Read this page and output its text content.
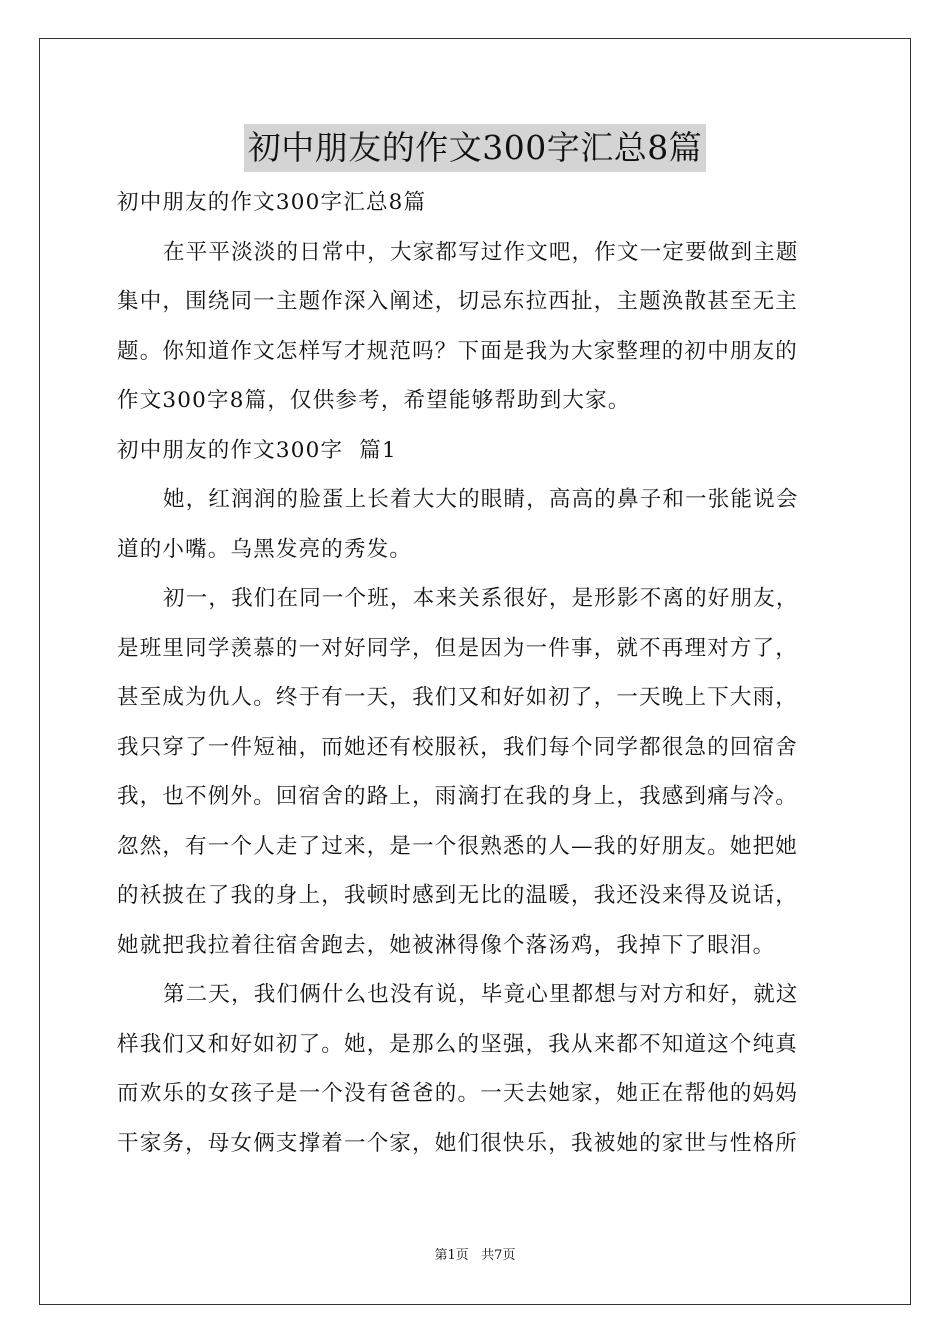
初中朋友的作文300字汇总8篇
初中朋友的作文300字汇总8篇
在平平淡淡的日常中，大家都写过作文吧，作文一定要做到主题
集中，围绕同一主题作深入阐述，切忌东拉西扯，主题涣散甚至无主
题。你知道作文怎样写才规范吗？下面是我为大家整理的初中朋友的
作文300字8篇，仅供参考，希望能够帮助到大家。
初中朋友的作文300字  篇1
她，红润润的脸蛋上长着大大的眼睛，高高的鼻子和一张能说会
道的小嘴。乌黑发亮的秀发。
初一，我们在同一个班，本来关系很好，是形影不离的好朋友，
是班里同学羡慕的一对好同学，但是因为一件事，就不再理对方了，
甚至成为仇人。终于有一天，我们又和好如初了，一天晚上下大雨，
我只穿了一件短袖，而她还有校服袄，我们每个同学都很急的回宿舍
我，也不例外。回宿舍的路上，雨滴打在我的身上，我感到痛与冷。
忽然，有一个人走了过来，是一个很熟悉的人—我的好朋友。她把她
的袄披在了我的身上，我顿时感到无比的温暖，我还没来得及说话，
她就把我拉着往宿舍跑去，她被淋得像个落汤鸡，我掉下了眼泪。
第二天，我们俩什么也没有说，毕竟心里都想与对方和好，就这
样我们又和好如初了。她，是那么的坚强，我从来都不知道这个纯真
而欢乐的女孩子是一个没有爸爸的。一天去她家，她正在帮他的妈妈
干家务，母女俩支撑着一个家，她们很快乐，我被她的家世与性格所
第1页   共7页
